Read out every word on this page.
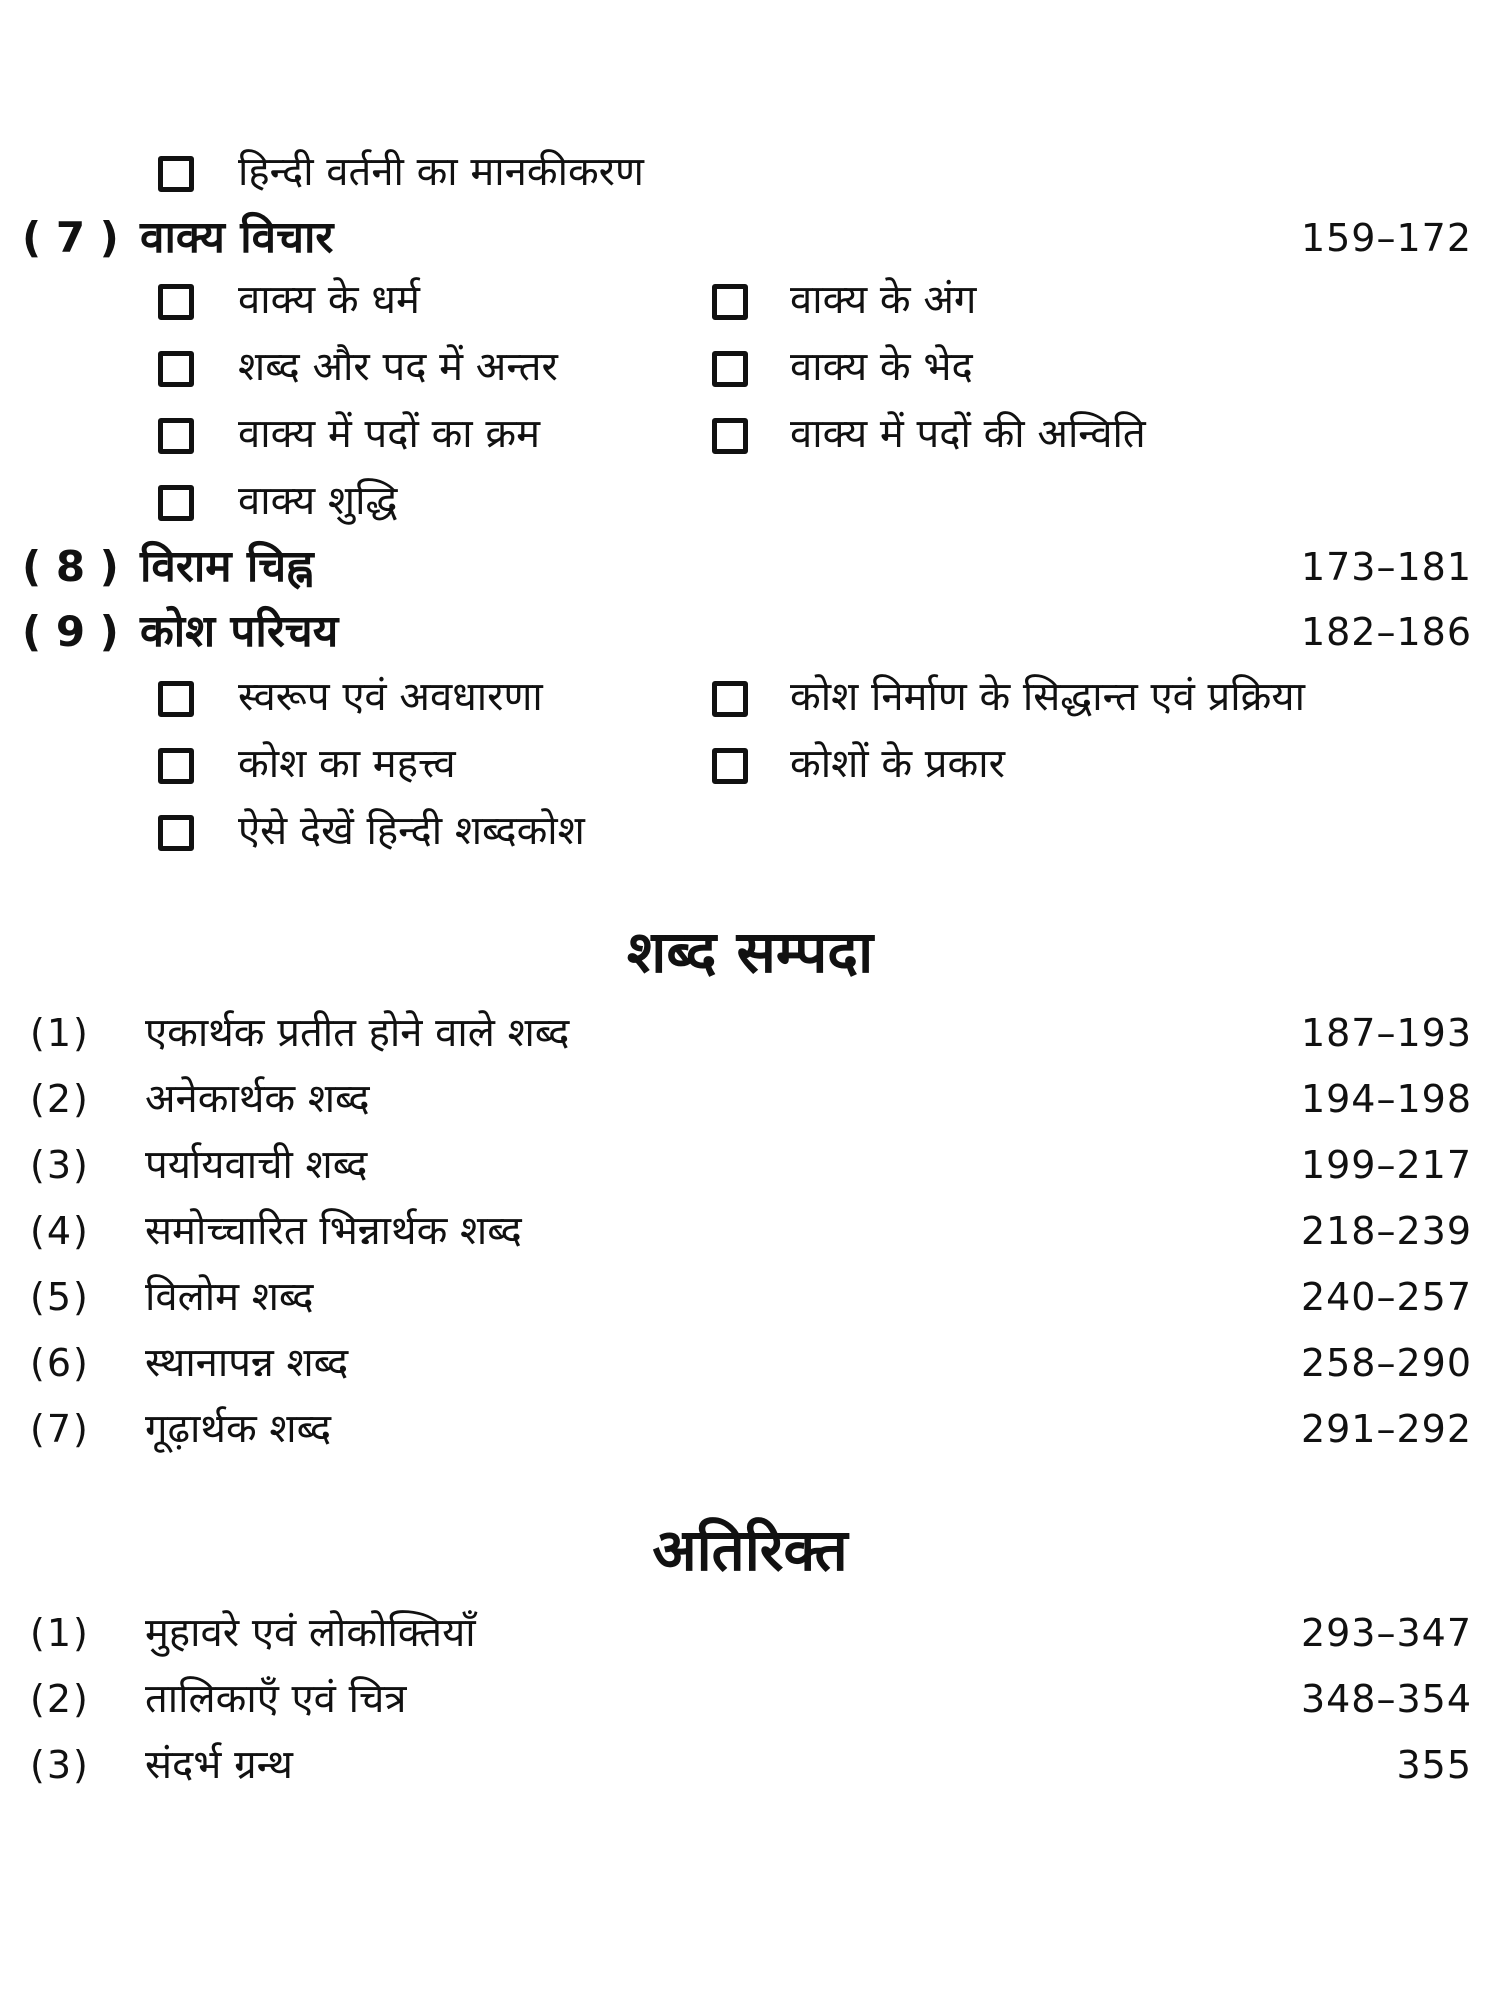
हिन्दी वर्तनी का मानकीकरण
( 7 ) वाक्य विचार	159–172
वाक्य के धर्म	वाक्य के अंग
शब्द और पद में अन्तर	वाक्य के भेद
वाक्य में पदों का क्रम	वाक्य में पदों की अन्विति
वाक्य शुद्धि
( 8 ) विराम चिह्न	173–181
( 9 ) कोश परिचय	182–186
स्वरूप एवं अवधारणा	कोश निर्माण के सिद्धान्त एवं प्रक्रिया
कोश का महत्त्व	कोशों के प्रकार
ऐसे देखें हिन्दी शब्दकोश
शब्द सम्पदा
(1) एकार्थक प्रतीत होने वाले शब्द	187–193
(2) अनेकार्थक शब्द	194–198
(3) पर्यायवाची शब्द	199–217
(4) समोच्चारित भिन्नार्थक शब्द	218–239
(5) विलोम शब्द	240–257
(6) स्थानापन्न शब्द	258–290
(7) गूढ़ार्थक शब्द	291–292
अतिरिक्त
(1) मुहावरे एवं लोकोक्तियाँ	293–347
(2) तालिकाएँ एवं चित्र	348–354
(3) संदर्भ ग्रन्थ	355
